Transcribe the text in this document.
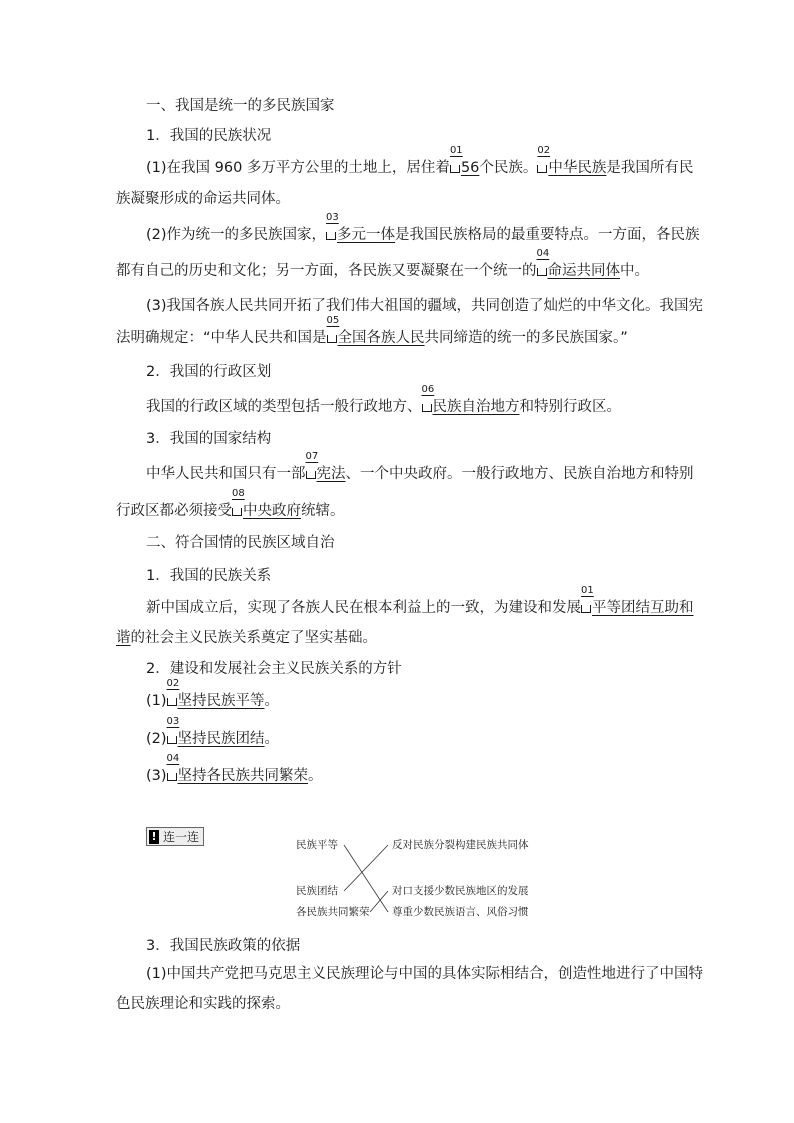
一、我国是统一的多民族国家
1．我国的民族状况
(1)在我国 960 多万平方公里的土地上，居住着
01
56个民族。
02
中华民族是我国所有民
族凝聚形成的命运共同体。
(2)作为统一的多民族国家，
03
多元一体是我国民族格局的最重要特点。一方面，各民族
都有自己的历史和文化；另一方面，各民族又要凝聚在一个统一的
04
命运共同体中。
(3)我国各族人民共同开拓了我们伟大祖国的疆域，共同创造了灿烂的中华文化。我国宪
法明确规定：“中华人民共和国是
05
全国各族人民共同缔造的统一的多民族国家。”
2．我国的行政区划
我国的行政区域的类型包括一般行政地方、
06
民族自治地方和特别行政区。
3．我国的国家结构
中华人民共和国只有一部
07
宪法、一个中央政府。一般行政地方、民族自治地方和特别
行政区都必须接受
08
中央政府统辖。
二、符合国情的民族区域自治
1．我国的民族关系
新中国成立后，实现了各族人民在根本利益上的一致，为建设和发展
01
平等团结互助和
谐的社会主义民族关系奠定了坚实基础。
2．建设和发展社会主义民族关系的方针
(1)
02
坚持民族平等。
(2)
03
坚持民族团结。
(3)
04
坚持各民族共同繁荣。
! 连一连
民族平等
民族团结
各民族共同繁荣
反对民族分裂构建民族共同体
对口支援少数民族地区的发展
尊重少数民族语言、风俗习惯
3．我国民族政策的依据
(1)中国共产党把马克思主义民族理论与中国的具体实际相结合，创造性地进行了中国特
色民族理论和实践的探索。
